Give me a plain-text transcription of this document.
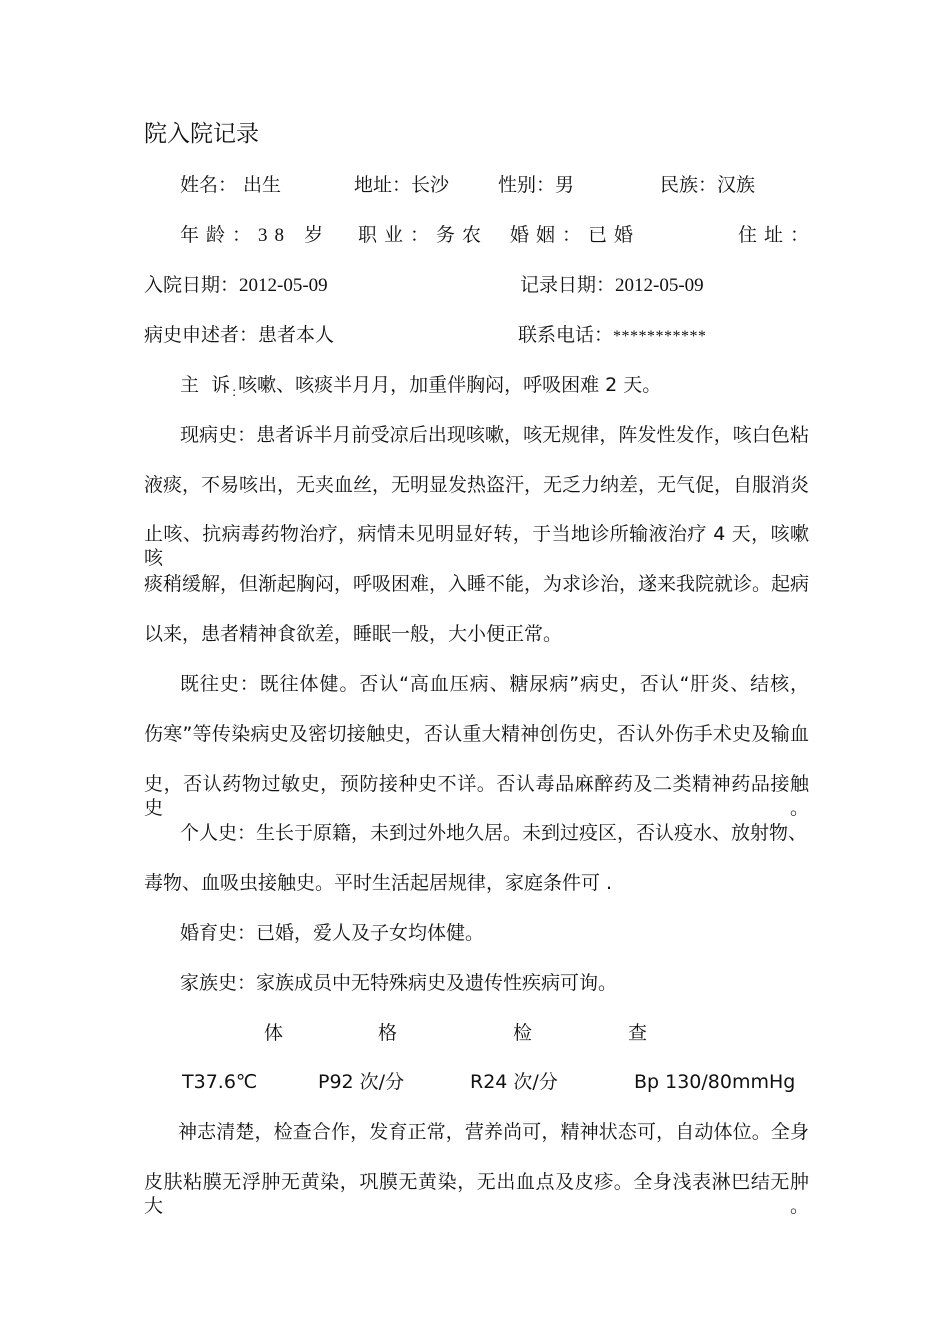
院入院记录
姓名： 出生	地址：长沙	性别：男	民族：汉族
年龄：38 岁 职业：务农 婚姻：已婚	住址：
入院日期：2012-05-09	记录日期：2012-05-09
病史申述者：患者本人	联系电话：***********
主  诉 $_:$ 咳嗽、咳痰半月月，加重伴胸闷，呼吸困难 2 天。
现病史：患者诉半月前受凉后出现咳嗽，咳无规律，阵发性发作，咳白色粘
液痰，不易咳出，无夹血丝，无明显发热盗汗，无乏力纳差，无气促，自服消炎
止咳、抗病毒药物治疗，病情未见明显好转，于当地诊所输液治疗 4 天，咳嗽咳
痰稍缓解，但渐起胸闷，呼吸困难，入睡不能，为求诊治，遂来我院就诊。起病
以来，患者精神食欲差，睡眠一般，大小便正常。
既往史：既往体健。否认“高血压病、糖尿病”病史，否认“肝炎、结核，
伤寒”等传染病史及密切接触史，否认重大精神创伤史，否认外伤手术史及输血
史，否认药物过敏史，预防接种史不详。否认毒品麻醉药及二类精神药品接触史。
个人史：生长于原籍，未到过外地久居。未到过疫区，否认疫水、放射物、
毒物、血吸虫接触史。平时生活起居规律，家庭条件可 .
婚育史：已婚，爱人及子女均体健。
家族史：家族成员中无特殊病史及遗传性疾病可询。
体	格	检	查
T37.6℃	P92 次/分	R24 次/分	Bp 130/80mmHg
神志清楚，检查合作，发育正常，营养尚可，精神状态可，自动体位。全身
皮肤粘膜无浮肿无黄染，巩膜无黄染，无出血点及皮疹。全身浅表淋巴结无肿大。
